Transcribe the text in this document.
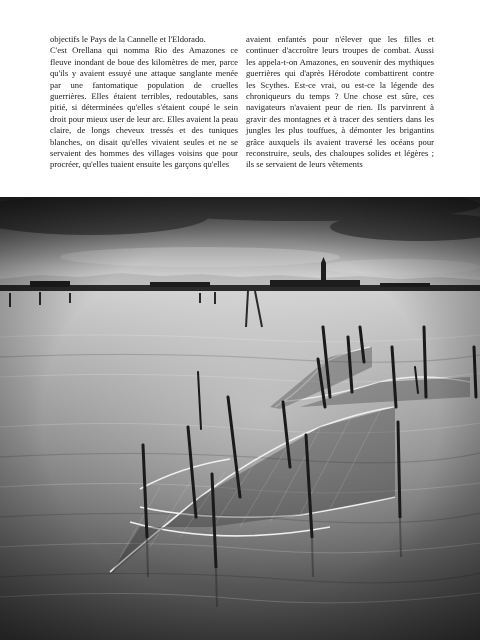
objectifs le Pays de la Cannelle et l'Eldorado.

C'est Orellana qui nomma Rio des Amazones ce fleuve inondant de boue des kilomètres de mer, parce qu'ils y avaient essuyé une attaque sanglante menée par une fantomatique population de cruelles guerrières. Elles étaient terribles, redoutables, sans pitié, si déterminées qu'elles s'étaient coupé le sein droit pour mieux user de leur arc. Elles avaient la peau claire, de longs cheveux tressés et des tuniques blanches, on disait qu'elles vivaient seules et ne se servaient des hommes des villages voisins que pour procréer, qu'elles tuaient ensuite les garçons qu'elles

avaient enfantés pour n'élever que les filles et continuer d'accroître leurs troupes de combat. Aussi les appela-t-on Amazones, en souvenir des mythiques guerrières qui d'après Hérodote combattirent contre les Scythes. Est-ce vrai, ou est-ce la légende des chroniqueurs du temps ? Une chose est sûre, ces navigateurs n'avaient peur de rien. Ils parvinrent à gravir des montagnes et à tracer des sentiers dans les jungles les plus touffues, à démonter les brigantins grâce auxquels ils avaient traversé les océans pour reconstruire, seuls, des chaloupes solides et légères ; ils se servaient de leurs vêtements
